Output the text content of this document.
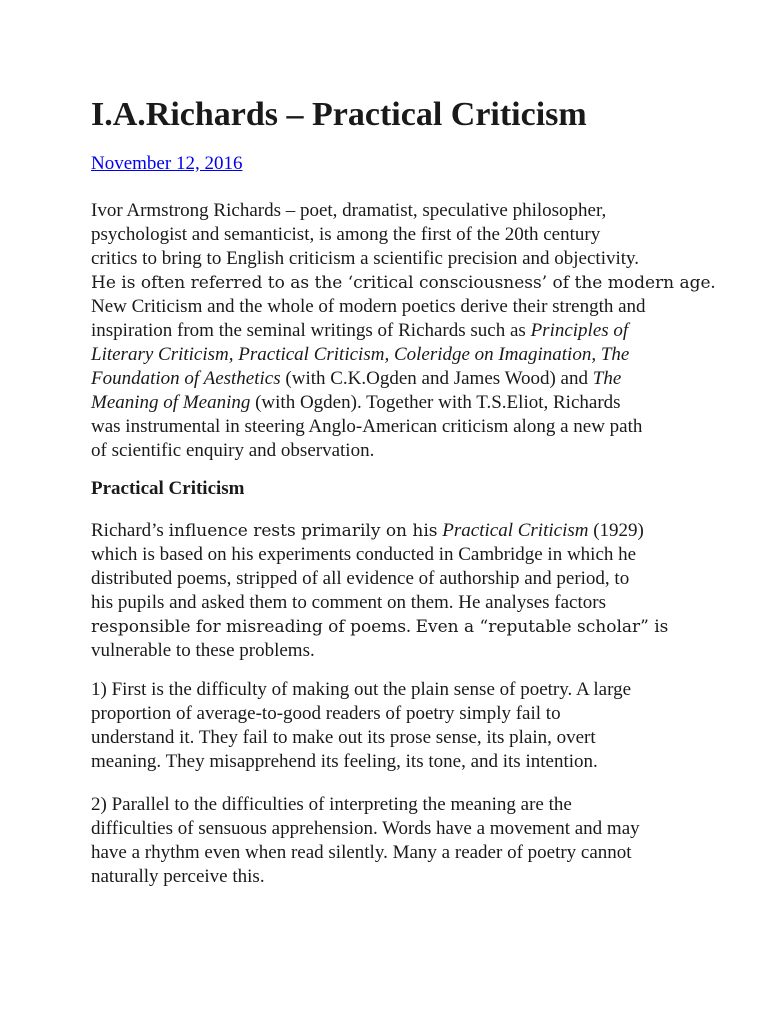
I.A.Richards – Practical Criticism
November 12, 2016

Ivor Armstrong Richards – poet, dramatist, speculative philosopher,
psychologist and semanticist, is among the first of the 20th century
critics to bring to English criticism a scientific precision and objectivity.
He is often referred to as the ‘critical consciousness’ of the modern age.
New Criticism and the whole of modern poetics derive their strength and
inspiration from the seminal writings of Richards such as Principles of
Literary Criticism, Practical Criticism, Coleridge on Imagination, The
Foundation of Aesthetics (with C.K.Ogden and James Wood) and The
Meaning of Meaning (with Ogden). Together with T.S.Eliot, Richards
was instrumental in steering Anglo-American criticism along a new path
of scientific enquiry and observation.

Practical Criticism

Richard’s influence rests primarily on his Practical Criticism (1929)
which is based on his experiments conducted in Cambridge in which he
distributed poems, stripped of all evidence of authorship and period, to
his pupils and asked them to comment on them. He analyses factors
responsible for misreading of poems. Even a “reputable scholar” is
vulnerable to these problems.

1) First is the difficulty of making out the plain sense of poetry. A large
proportion of average-to-good readers of poetry simply fail to
understand it. They fail to make out its prose sense, its plain, overt
meaning. They misapprehend its feeling, its tone, and its intention.

2) Parallel to the difficulties of interpreting the meaning are the
difficulties of sensuous apprehension. Words have a movement and may
have a rhythm even when read silently. Many a reader of poetry cannot
naturally perceive this.
